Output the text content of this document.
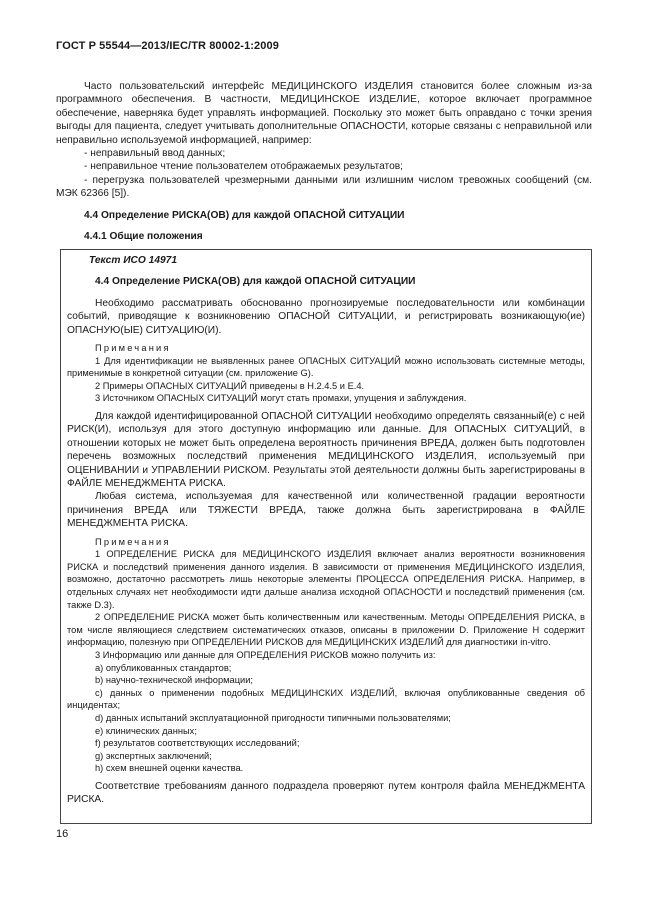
ГОСТ Р 55544—2013/IEC/TR 80002-1:2009

Часто пользовательский интерфейс МЕДИЦИНСКОГО ИЗДЕЛИЯ становится более сложным из-за программного обеспечения. В частности, МЕДИЦИНСКОЕ ИЗДЕЛИЕ, которое включает программное обеспечение, наверняка будет управлять информацией. Поскольку это может быть оправдано с точки зрения выгоды для пациента, следует учитывать дополнительные ОПАСНОСТИ, которые связаны с неправильной или неправильно используемой информацией, например:

- неправильный ввод данных;

- неправильное чтение пользователем отображаемых результатов;

- перегрузка пользователей чрезмерными данными или излишним числом тревожных сообщений (см. МЭК 62366 [5]).

4.4 Определение РИСКА(ОВ) для каждой ОПАСНОЙ СИТУАЦИИ

4.4.1 Общие положения

Текст ИСО 14971

4.4 Определение РИСКА(ОВ) для каждой ОПАСНОЙ СИТУАЦИИ

Необходимо рассматривать обоснованно прогнозируемые последовательности или комбинации событий, приводящие к возникновению ОПАСНОЙ СИТУАЦИИ, и регистрировать возникающую(ие) ОПАСНУЮ(ЫЕ) СИТУАЦИЮ(И).

Примечания

1 Для идентификации не выявленных ранее ОПАСНЫХ СИТУАЦИЙ можно использовать системные методы, применимые в конкретной ситуации (см. приложение G).

2 Примеры ОПАСНЫХ СИТУАЦИЙ приведены в H.2.4.5 и E.4.

3 Источником ОПАСНЫХ СИТУАЦИЙ могут стать промахи, упущения и заблуждения.

Для каждой идентифицированной ОПАСНОЙ СИТУАЦИИ необходимо определять связанный(е) с ней РИСК(И), используя для этого доступную информацию или данные. Для ОПАСНЫХ СИТУАЦИЙ, в отношении которых не может быть определена вероятность причинения ВРЕДА, должен быть подготовлен перечень возможных последствий применения МЕДИЦИНСКОГО ИЗДЕЛИЯ, используемый при ОЦЕНИВАНИИ и УПРАВЛЕНИИ РИСКОМ. Результаты этой деятельности должны быть зарегистрированы в ФАЙЛЕ МЕНЕДЖМЕНТА РИСКА.

Любая система, используемая для качественной или количественной градации вероятности причинения ВРЕДА или ТЯЖЕСТИ ВРЕДА, также должна быть зарегистрирована в ФАЙЛЕ МЕНЕДЖМЕНТА РИСКА.

Примечания

1 ОПРЕДЕЛЕНИЕ РИСКА для МЕДИЦИНСКОГО ИЗДЕЛИЯ включает анализ вероятности возникновения РИСКА и последствий применения данного изделия. В зависимости от применения МЕДИЦИНСКОГО ИЗДЕЛИЯ, возможно, достаточно рассмотреть лишь некоторые элементы ПРОЦЕССА ОПРЕДЕЛЕНИЯ РИСКА. Например, в отдельных случаях нет необходимости идти дальше анализа исходной ОПАСНОСТИ и последствий применения (см. также D.3).

2 ОПРЕДЕЛЕНИЕ РИСКА может быть количественным или качественным. Методы ОПРЕДЕЛЕНИЯ РИСКА, в том числе являющиеся следствием систематических отказов, описаны в приложении D. Приложение H содержит информацию, полезную при ОПРЕДЕЛЕНИИ РИСКОВ для МЕДИЦИНСКИХ ИЗДЕЛИЙ для диагностики in-vitro.

3 Информацию или данные для ОПРЕДЕЛЕНИЯ РИСКОВ можно получить из:

a) опубликованных стандартов;

b) научно-технической информации;

c) данных о применении подобных МЕДИЦИНСКИХ ИЗДЕЛИЙ, включая опубликованные сведения об инцидентах;

d) данных испытаний эксплуатационной пригодности типичными пользователями;

e) клинических данных;

f) результатов соответствующих исследований;

g) экспертных заключений;

h) схем внешней оценки качества.

Соответствие требованиям данного подраздела проверяют путем контроля файла МЕНЕДЖМЕНТА РИСКА.

16
